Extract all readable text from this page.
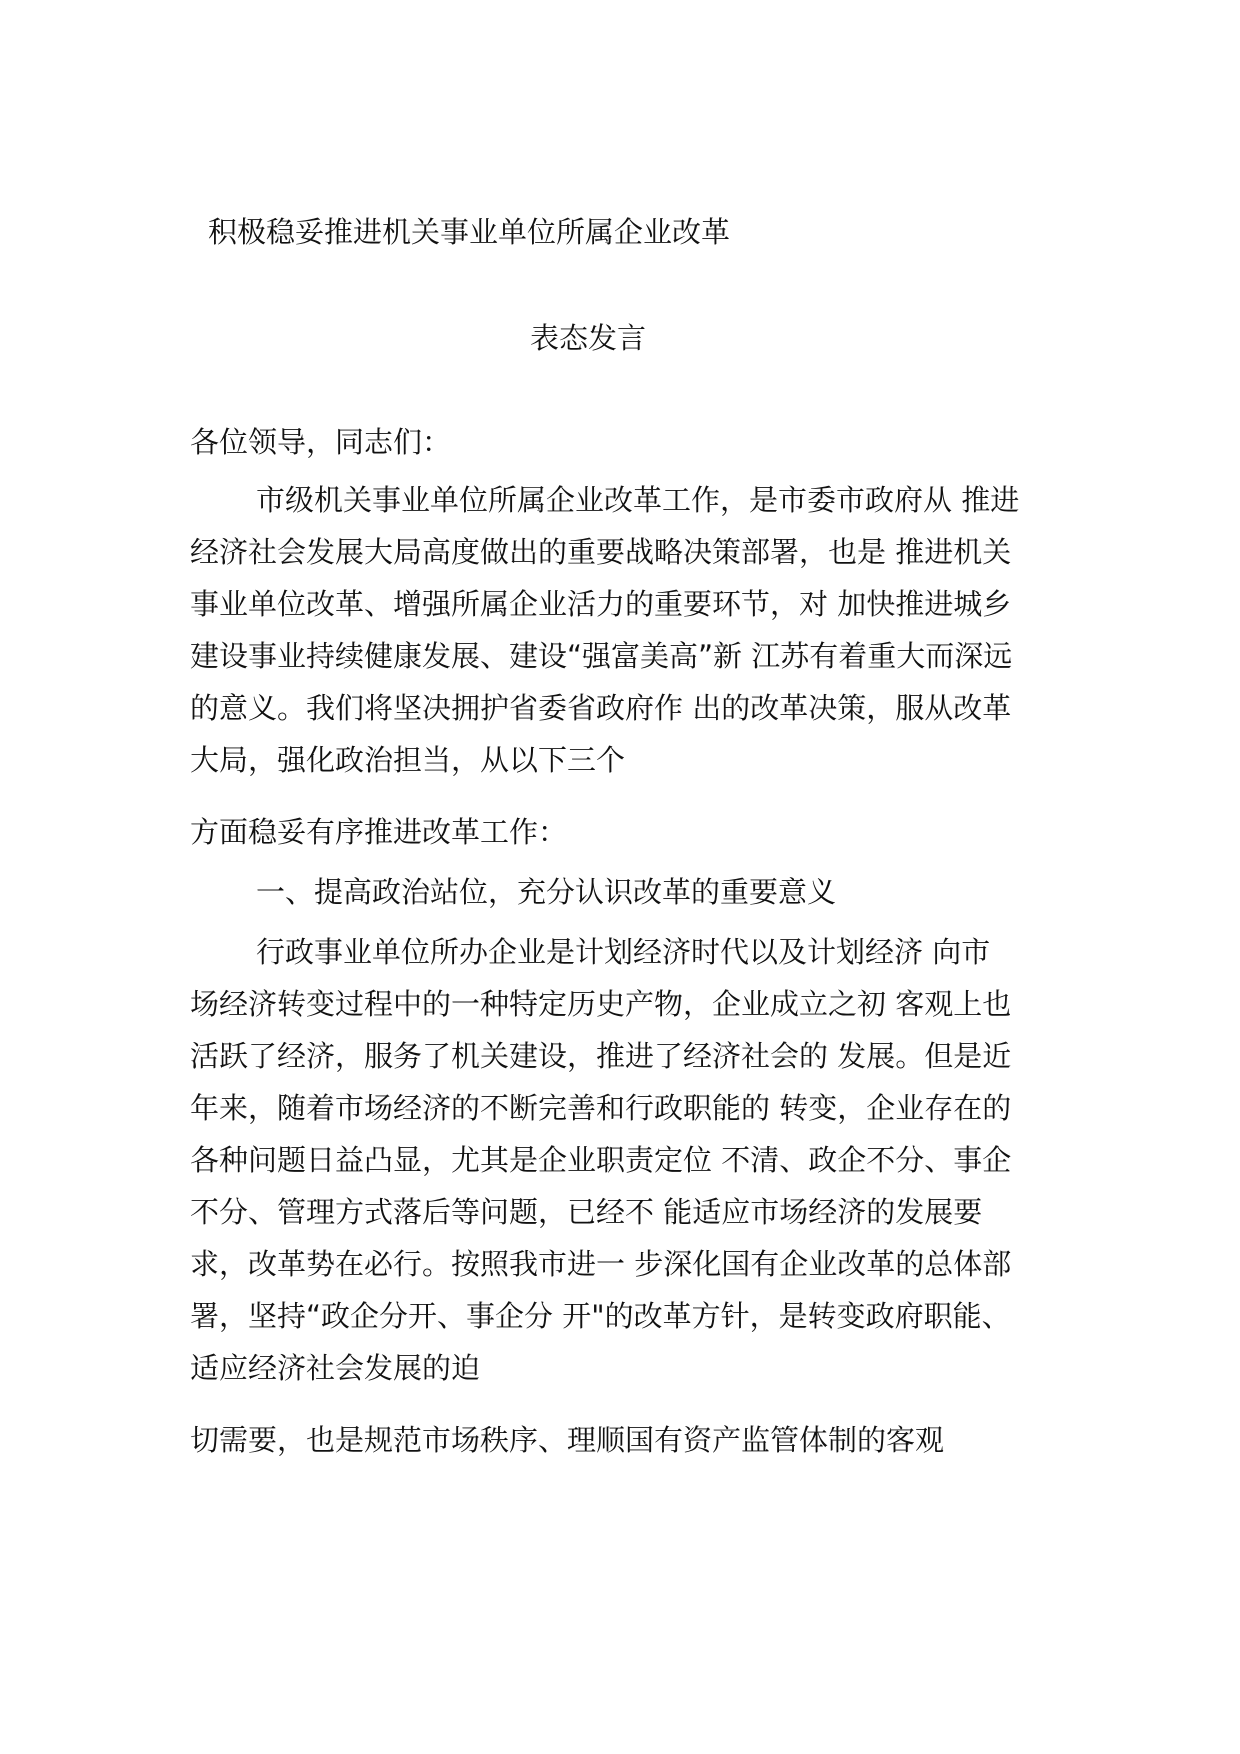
积极稳妥推进机关事业单位所属企业改革
表态发言
各位领导，同志们：
市级机关事业单位所属企业改革工作，是市委市政府从 推进
经济社会发展大局高度做出的重要战略决策部署，也是 推进机关
事业单位改革、增强所属企业活力的重要环节，对 加快推进城乡
建设事业持续健康发展、建设“强富美高”新 江苏有着重大而深远
的意义。我们将坚决拥护省委省政府作 出的改革决策，服从改革
大局，强化政治担当，从以下三个
方面稳妥有序推进改革工作：
一、提高政治站位，充分认识改革的重要意义
行政事业单位所办企业是计划经济时代以及计划经济 向市
场经济转变过程中的一种特定历史产物，企业成立之初 客观上也
活跃了经济，服务了机关建设，推进了经济社会的 发展。但是近
年来，随着市场经济的不断完善和行政职能的 转变，企业存在的
各种问题日益凸显，尤其是企业职责定位 不清、政企不分、事企
不分、管理方式落后等问题，已经不 能适应市场经济的发展要
求，改革势在必行。按照我市进一 步深化国有企业改革的总体部
署，坚持“政企分开、事企分 开"的改革方针，是转变政府职能、
适应经济社会发展的迫
切需要，也是规范市场秩序、理顺国有资产监管体制的客观
